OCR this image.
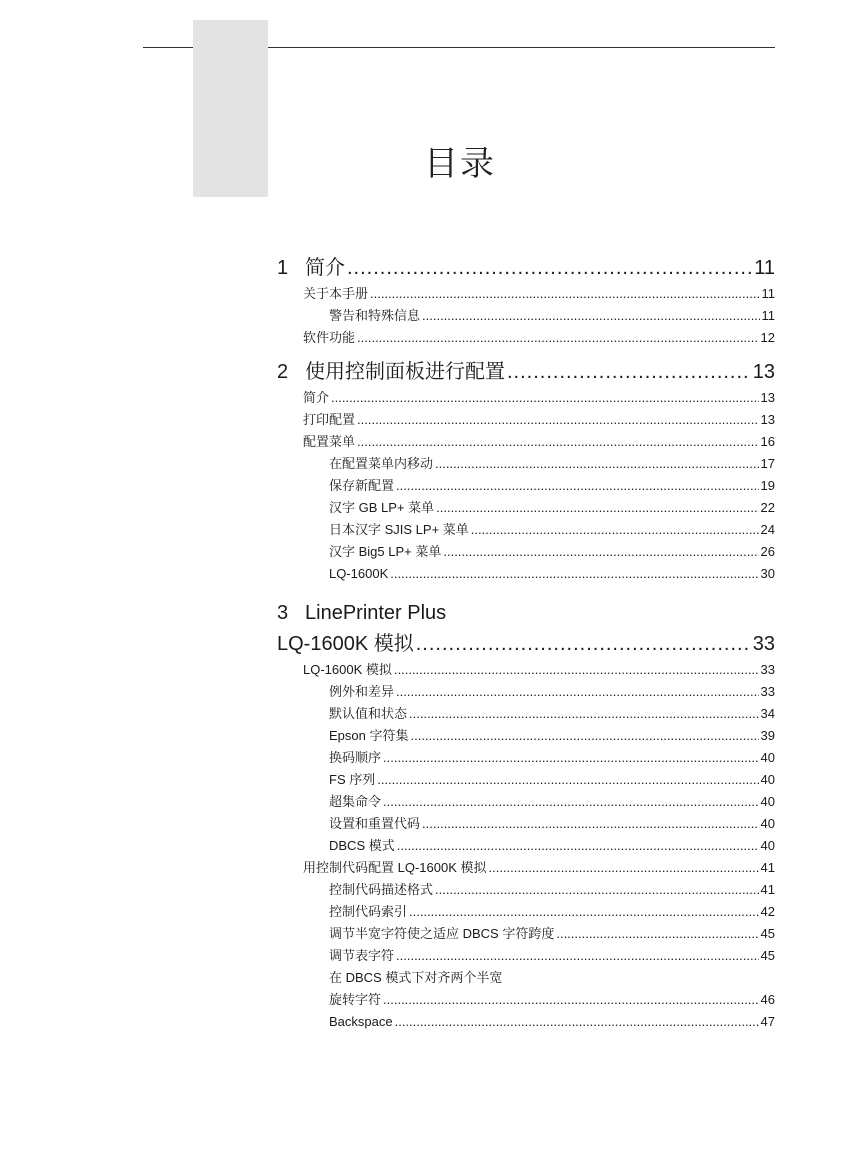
目录
1 简介 .....	11
关于本手册 .....	11
警告和特殊信息 .....	11
软件功能 .....	12
2 使用控制面板进行配置 .....	13
简介 .....	13
打印配置 .....	13
配置菜单 .....	16
在配置菜单内移动 .....	17
保存新配置 .....	19
汉字 GB LP+ 菜单 .....	22
日本汉字 SJIS LP+ 菜单 .....	24
汉字 Big5 LP+ 菜单 .....	26
LQ-1600K .....	30
3 LinePrinter Plus
LQ-1600K 模拟 .....	33
LQ-1600K 模拟 .....	33
例外和差异 .....	33
默认值和状态 .....	34
Epson 字符集 .....	39
换码顺序 .....	40
FS 序列 .....	40
超集命令 .....	40
设置和重置代码 .....	40
DBCS 模式 .....	40
用控制代码配置 LQ-1600K 模拟 .....	41
控制代码描述格式 .....	41
控制代码索引 .....	42
调节半宽字符使之适应 DBCS 字符跨度 .....	45
调节表字符 .....	45
在 DBCS 模式下对齐两个半宽
旋转字符 .....	46
Backspace .....	47
